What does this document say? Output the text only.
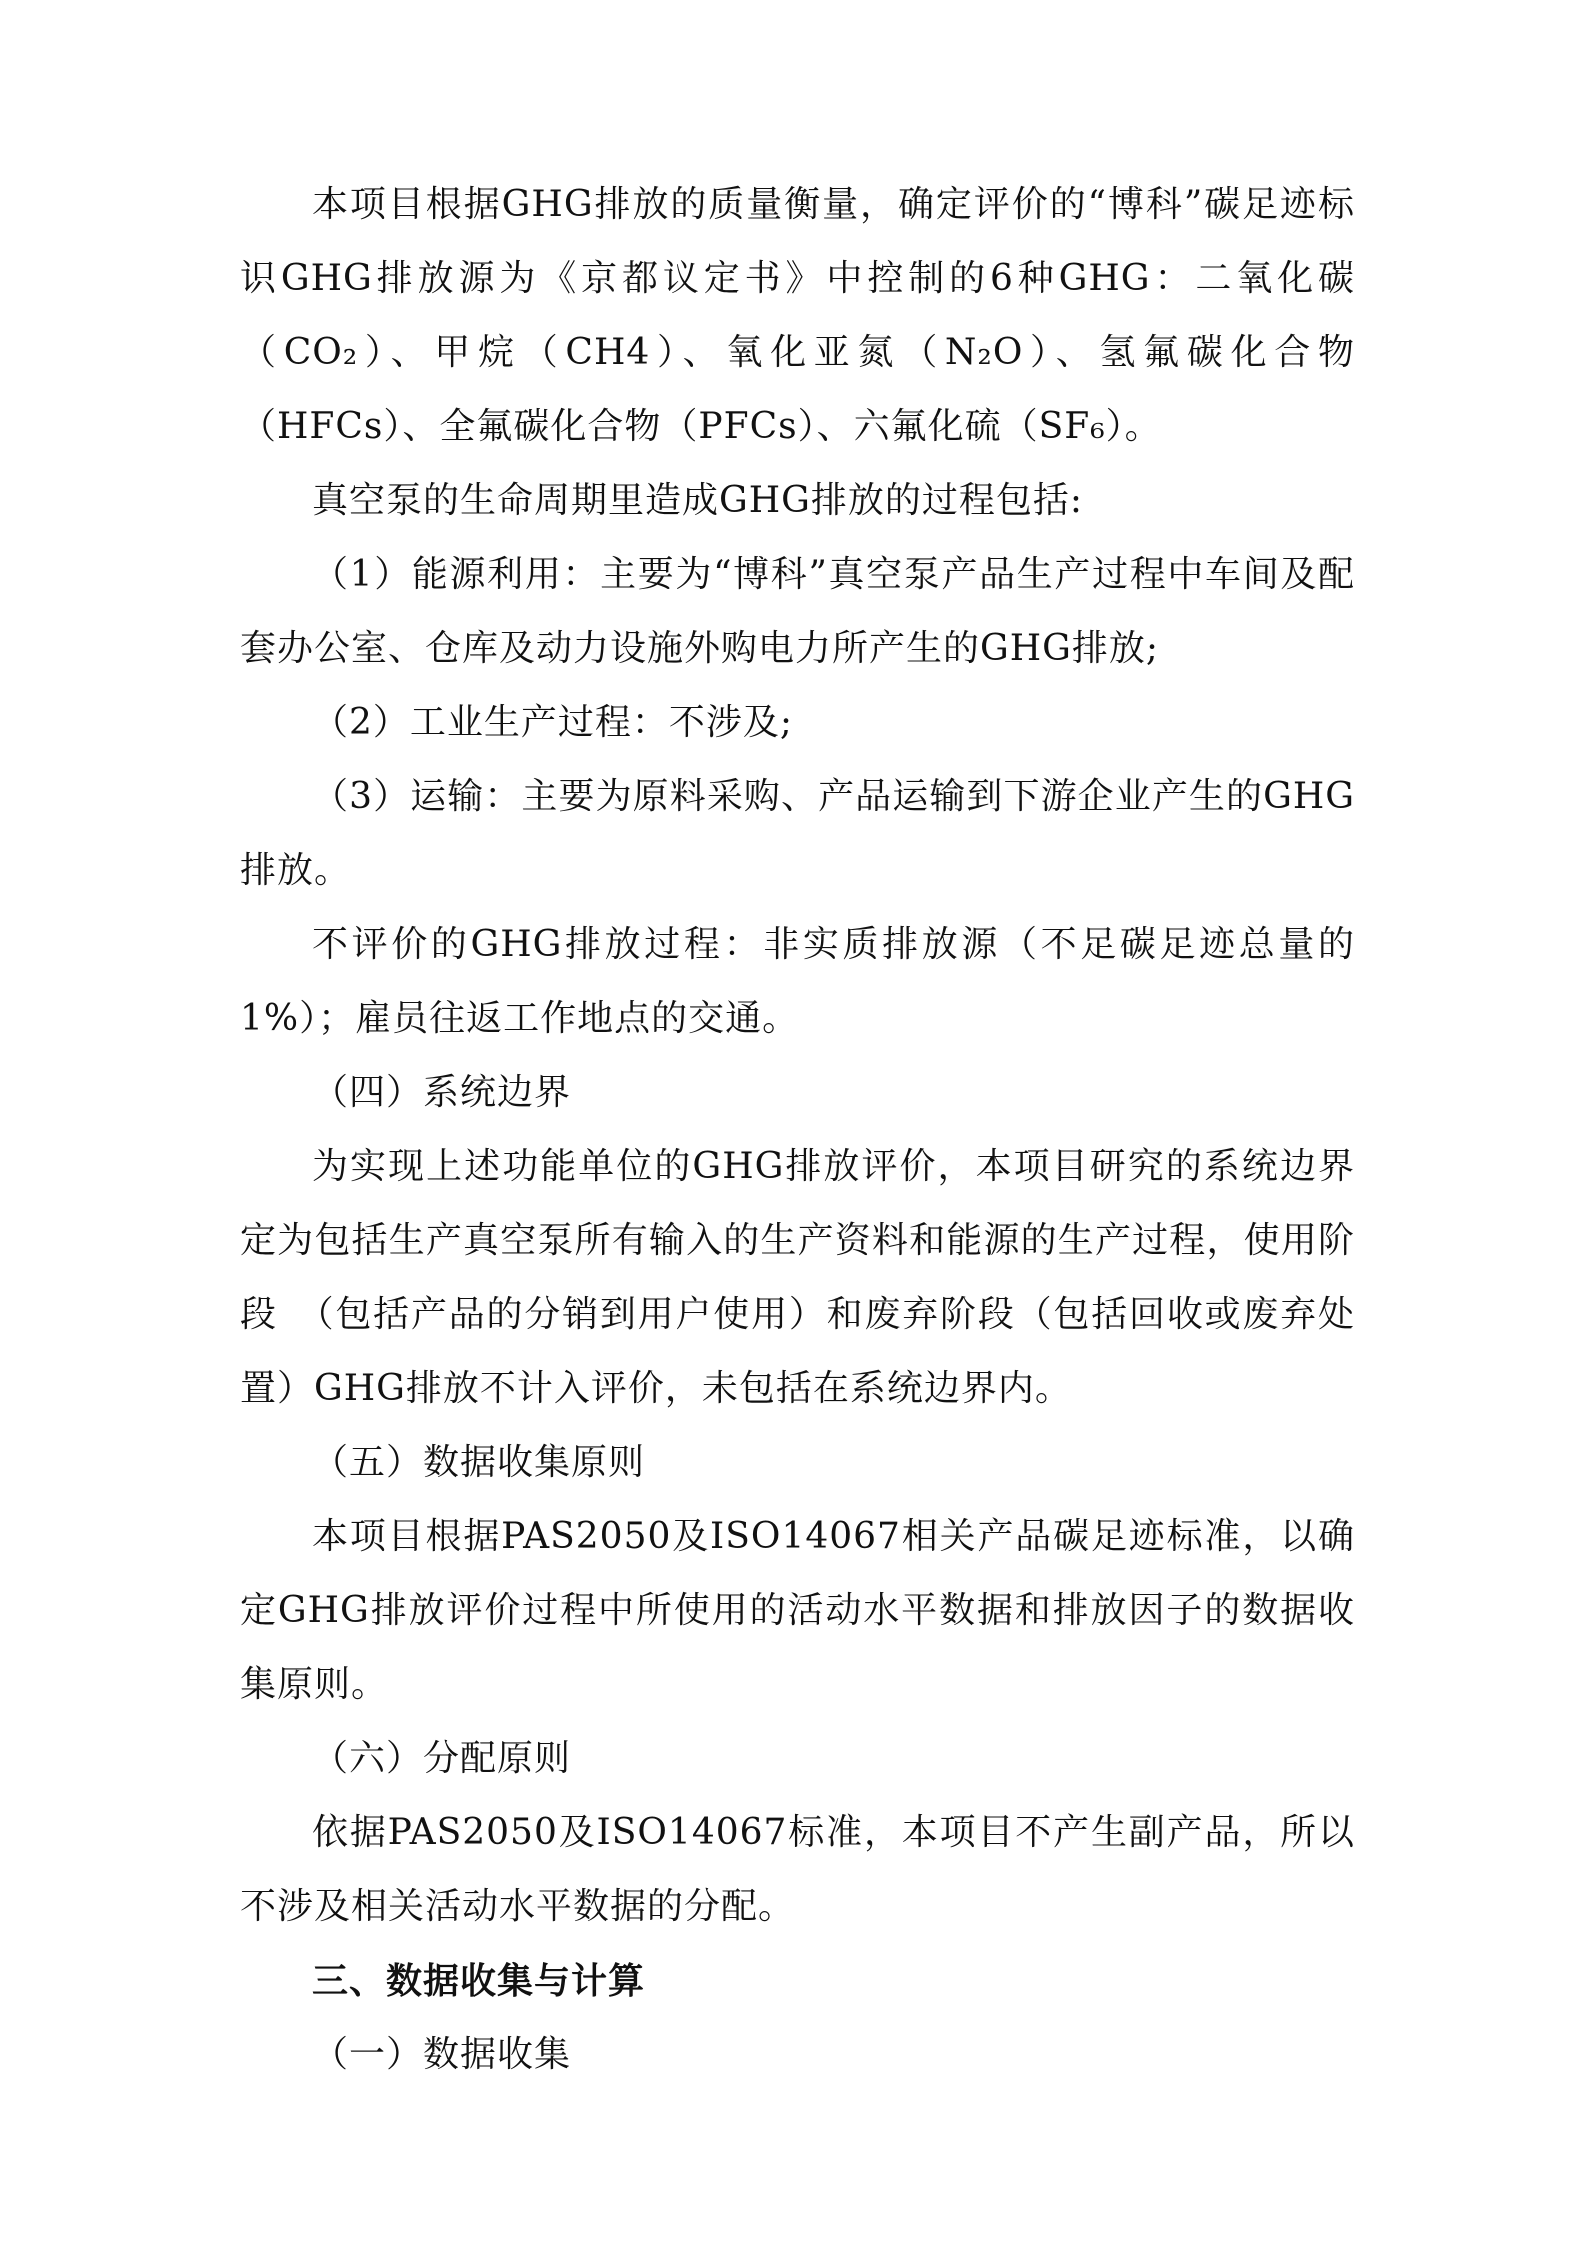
本项目根据GHG排放的质量衡量，确定评价的“博科”碳足迹标识GHG排放源为《京都议定书》中控制的6种GHG：二氧化碳（CO₂）、甲烷（CH4）、氧化亚氮（N₂O）、氢氟碳化合物（HFCs）、全氟碳化合物（PFCs）、六氟化硫（SF₆）。

真空泵的生命周期里造成GHG排放的过程包括:

（1）能源利用：主要为“博科”真空泵产品生产过程中车间及配套办公室、仓库及动力设施外购电力所产生的GHG排放;

（2）工业生产过程：不涉及;

（3）运输：主要为原料采购、产品运输到下游企业产生的GHG排放。

不评价的GHG排放过程：非实质排放源（不足碳足迹总量的1%）；雇员往返工作地点的交通。

（四）系统边界

为实现上述功能单位的GHG排放评价，本项目研究的系统边界定为包括生产真空泵所有输入的生产资料和能源的生产过程，使用阶段　（包括产品的分销到用户使用）和废弃阶段（包括回收或废弃处置）GHG排放不计入评价，未包括在系统边界内。

（五）数据收集原则

本项目根据PAS2050及ISO14067相关产品碳足迹标准，以确定GHG排放评价过程中所使用的活动水平数据和排放因子的数据收集原则。

（六）分配原则

依据PAS2050及ISO14067标准，本项目不产生副产品，所以不涉及相关活动水平数据的分配。

三、数据收集与计算

（一）数据收集
